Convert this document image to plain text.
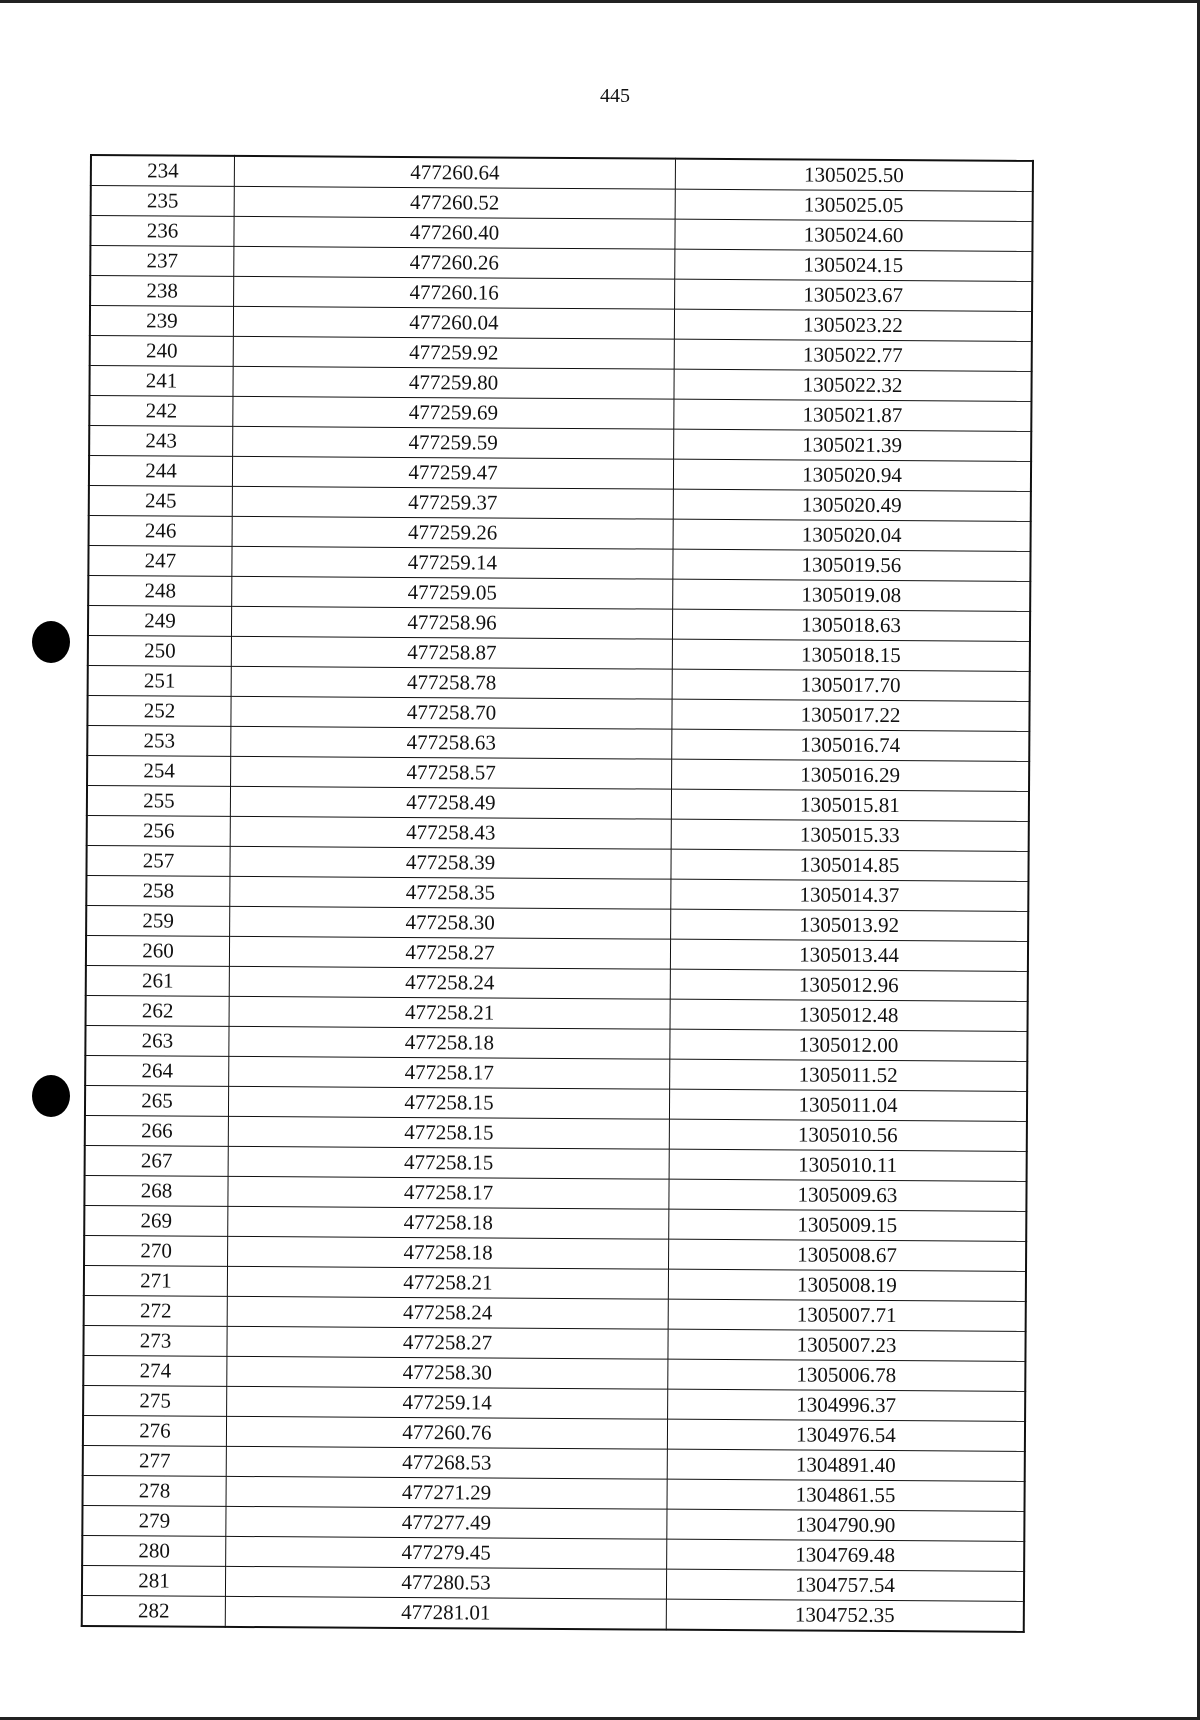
445
234	477260.64	1305025.50
235	477260.52	1305025.05
236	477260.40	1305024.60
237	477260.26	1305024.15
238	477260.16	1305023.67
239	477260.04	1305023.22
240	477259.92	1305022.77
241	477259.80	1305022.32
242	477259.69	1305021.87
243	477259.59	1305021.39
244	477259.47	1305020.94
245	477259.37	1305020.49
246	477259.26	1305020.04
247	477259.14	1305019.56
248	477259.05	1305019.08
249	477258.96	1305018.63
250	477258.87	1305018.15
251	477258.78	1305017.70
252	477258.70	1305017.22
253	477258.63	1305016.74
254	477258.57	1305016.29
255	477258.49	1305015.81
256	477258.43	1305015.33
257	477258.39	1305014.85
258	477258.35	1305014.37
259	477258.30	1305013.92
260	477258.27	1305013.44
261	477258.24	1305012.96
262	477258.21	1305012.48
263	477258.18	1305012.00
264	477258.17	1305011.52
265	477258.15	1305011.04
266	477258.15	1305010.56
267	477258.15	1305010.11
268	477258.17	1305009.63
269	477258.18	1305009.15
270	477258.18	1305008.67
271	477258.21	1305008.19
272	477258.24	1305007.71
273	477258.27	1305007.23
274	477258.30	1305006.78
275	477259.14	1304996.37
276	477260.76	1304976.54
277	477268.53	1304891.40
278	477271.29	1304861.55
279	477277.49	1304790.90
280	477279.45	1304769.48
281	477280.53	1304757.54
282	477281.01	1304752.35
